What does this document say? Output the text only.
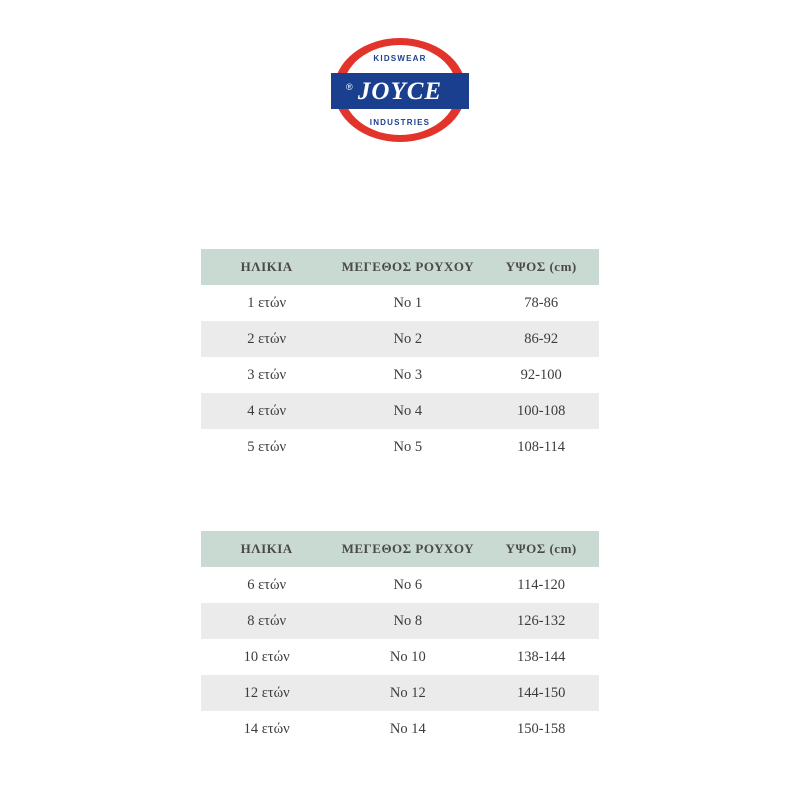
KIDSWEAR
INDUSTRIES
JOYCE
®
ΗΛΙΚΙΑ	ΜΕΓΕΘΟΣ ΡΟΥΧΟΥ	ΥΨΟΣ (cm)
1 ετών	Νο 1	78-86
2 ετών	Νο 2	86-92
3 ετών	Νο 3	92-100
4 ετών	Νο 4	100-108
5 ετών	Νο 5	108-114
ΗΛΙΚΙΑ	ΜΕΓΕΘΟΣ ΡΟΥΧΟΥ	ΥΨΟΣ (cm)
6 ετών	Νο 6	114-120
8 ετών	Νο 8	126-132
10 ετών	Νο 10	138-144
12 ετών	Νο 12	144-150
14 ετών	Νο 14	150-158
